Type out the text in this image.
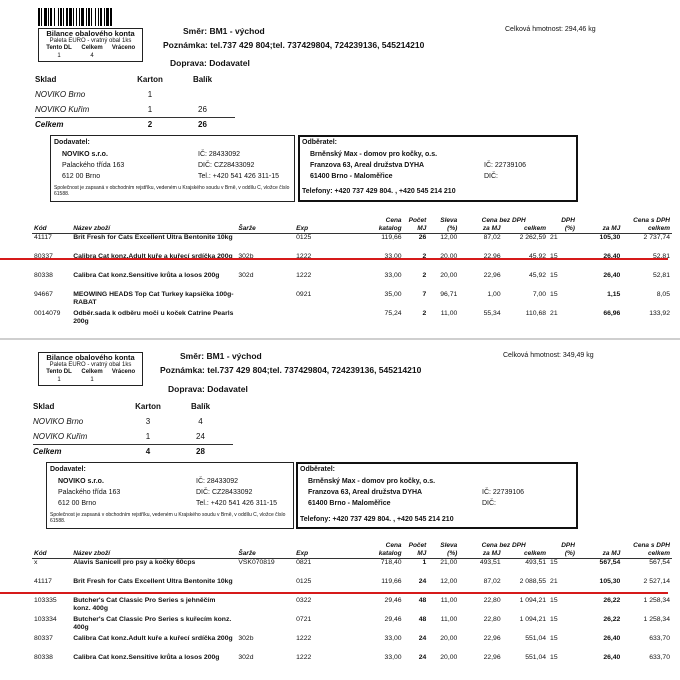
Bilance obalového konta
Paleta EURO - vratný obal 1ks
Tento DL	Celkem	Vráceno
1	4	
Směr: BM1 - východ
Poznámka: tel.737 429 804;tel. 737429804, 724239136, 545214210
Celková hmotnost: 294,46 kg
Doprava: Dodavatel
Sklad	Karton	Balík
NOVIKO Brno	1	
NOVIKO Kuřim	1	26
Celkem	2	26
Dodavatel:
NOVIKO s.r.o.
Palackého třída 163
612 00 Brno
IČ: 28433092
DIČ: CZ28433092
Tel.: +420 541 426 311-15
Společnost je zapsaná v obchodním rejstříku, vedeném u Krajského soudu v Brně, v oddílu C, vložce číslo 61588.
Odběratel:
Brněnský Max - domov pro kočky, o.s.
Franzova 63, Areal družstva DYHA
61400 Brno - Maloměřice
IČ: 22739106
DIČ:
Telefony: +420 737 429 804. , +420 545 214 210
				Cena	Počet	Sleva	Cena bez DPH		DPH	Cena s DPH	
Kód	Název zboží	Šarže	Exp	katalog	MJ	(%)	za MJ	celkem	(%)	za MJ	celkem
41117	Brit Fresh for Cats Excellent Ultra Bentonite 10kg		0125	119,66	26	12,00	87,02	2 262,59	21	105,30	2 737,74
80337	Calibra Cat konz.Adult kuře a kuřecí srdíčka 200g	302b	1222	33,00	2	20,00	22,96	45,92	15	26,40	52,81
80338	Calibra Cat konz.Sensitive krůta a losos 200g	302d	1222	33,00	2	20,00	22,96	45,92	15	26,40	52,81
94667	MEOWING HEADS Top Cat Turkey kapsička 100g-RABAT		0921	35,00	7	96,71	1,00	7,00	15	1,15	8,05
0014079	Odběr.sada k odběru moči u koček Catrine Pearls 200g			75,24	2	11,00	55,34	110,68	21	66,96	133,92
Bilance obalového konta
Paleta EURO - vratný obal 1ks
Tento DL	Celkem	Vráceno
1	1	
Směr: BM1 - východ
Poznámka: tel.737 429 804;tel. 737429804, 724239136, 545214210
Celková hmotnost: 349,49 kg
Doprava: Dodavatel
Sklad	Karton	Balík
NOVIKO Brno	3	4
NOVIKO Kuřim	1	24
Celkem	4	28
Dodavatel:
NOVIKO s.r.o.
Palackého třída 163
612 00 Brno
IČ: 28433092
DIČ: CZ28433092
Tel.: +420 541 426 311-15
Společnost je zapsaná v obchodním rejstříku, vedeném u Krajského soudu v Brně, v oddílu C, vložce číslo 61588.
Odběratel:
Brněnský Max - domov pro kočky, o.s.
Franzova 63, Areal družstva DYHA
61400 Brno - Maloměřice
IČ: 22739106
DIČ:
Telefony: +420 737 429 804. , +420 545 214 210
				Cena	Počet	Sleva	Cena bez DPH		DPH	Cena s DPH	
Kód	Název zboží	Šarže	Exp	katalog	MJ	(%)	za MJ	celkem	(%)	za MJ	celkem
x	Alavis Sanicell pro psy a kočky 60cps	VSK070819	0821	718,40	1	21,00	493,51	493,51	15	567,54	567,54
41117	Brit Fresh for Cats Excellent Ultra Bentonite 10kg		0125	119,66	24	12,00	87,02	2 088,55	21	105,30	2 527,14
103335	Butcher's Cat Classic Pro Series s jehněčím konz. 400g		0322	29,46	48	11,00	22,80	1 094,21	15	26,22	1 258,34
103334	Butcher's Cat Classic Pro Series s kuřecím konz. 400g		0721	29,46	48	11,00	22,80	1 094,21	15	26,22	1 258,34
80337	Calibra Cat konz.Adult kuře a kuřecí srdíčka 200g	302b	1222	33,00	24	20,00	22,96	551,04	15	26,40	633,70
80338	Calibra Cat konz.Sensitive krůta a losos 200g	302d	1222	33,00	24	20,00	22,96	551,04	15	26,40	633,70
